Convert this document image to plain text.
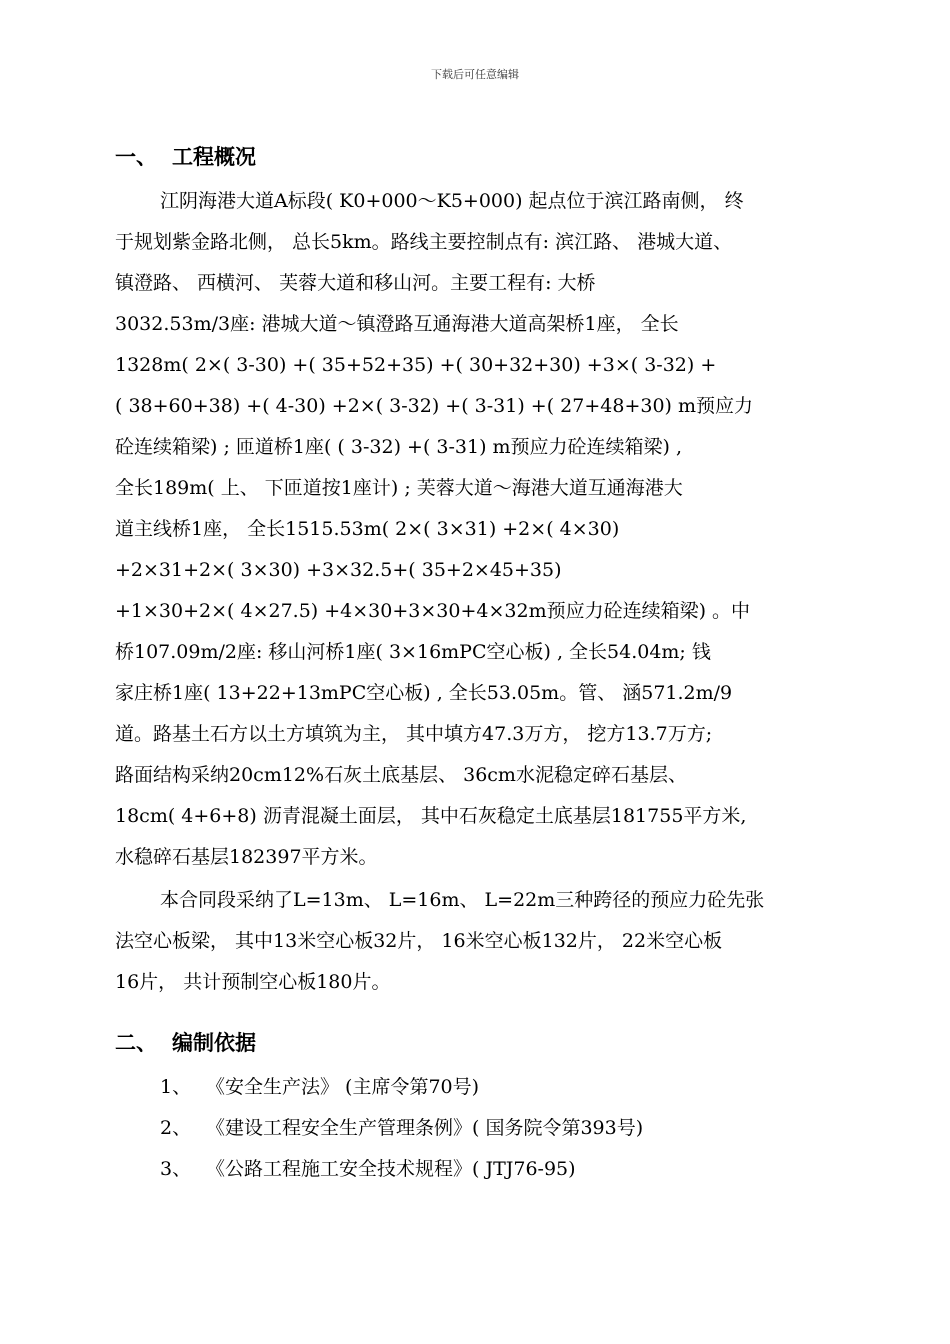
下载后可任意编辑
一、 工程概况
江阴海港大道A标段( K0+000～K5+000) 起点位于滨江路南侧， 终
于规划紫金路北侧， 总长5km。路线主要控制点有: 滨江路、 港城大道、
镇澄路、 西横河、 芙蓉大道和移山河。主要工程有: 大桥
3032.53m/3座: 港城大道～镇澄路互通海港大道高架桥1座， 全长
1328m( 2×( 3-30) +( 35+52+35) +( 30+32+30) +3×( 3-32) +
( 38+60+38) +( 4-30) +2×( 3-32) +( 3-31) +( 27+48+30) m预应力
砼连续箱梁) ; 匝道桥1座( ( 3-32) +( 3-31) m预应力砼连续箱梁) ,
全长189m( 上、 下匝道按1座计) ; 芙蓉大道～海港大道互通海港大
道主线桥1座， 全长1515.53m( 2×( 3×31) +2×( 4×30)
+2×31+2×( 3×30) +3×32.5+( 35+2×45+35)
+1×30+2×( 4×27.5) +4×30+3×30+4×32m预应力砼连续箱梁) 。中
桥107.09m/2座: 移山河桥1座( 3×16mPC空心板) , 全长54.04m; 钱
家庄桥1座( 13+22+13mPC空心板) , 全长53.05m。管、 涵571.2m/9
道。路基土石方以土方填筑为主， 其中填方47.3万方， 挖方13.7万方;
路面结构采纳20cm12%石灰土底基层、 36cm水泥稳定碎石基层、
18cm( 4+6+8) 沥青混凝土面层， 其中石灰稳定土底基层181755平方米,
水稳碎石基层182397平方米。
本合同段采纳了L=13m、 L=16m、 L=22m三种跨径的预应力砼先张
法空心板梁， 其中13米空心板32片， 16米空心板132片， 22米空心板
16片， 共计预制空心板180片。
二、 编制依据
1、 《安全生产法》 (主席令第70号)
2、 《建设工程安全生产管理条例》( 国务院令第393号)
3、 《公路工程施工安全技术规程》( JTJ76-95)
